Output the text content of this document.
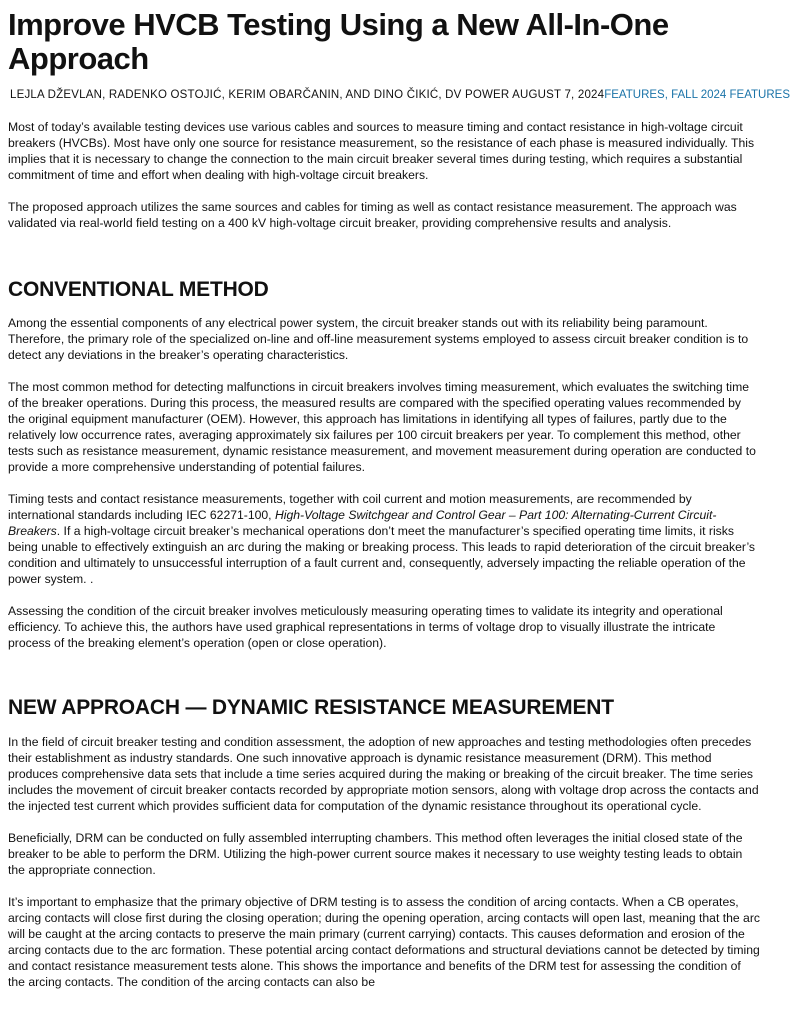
Improve HVCB Testing Using a New All-In-One Approach
LEJLA DŽEVLAN, RADENKO OSTOJIĆ, KERIM OBARČANIN, AND DINO ČIKIĆ, DV POWER AUGUST 7, 2024FEATURES, FALL 2024 FEATURES

Most of today’s available testing devices use various cables and sources to measure timing and contact resistance in high-voltage circuit breakers (HVCBs). Most have only one source for resistance measurement, so the resistance of each phase is measured individually. This implies that it is necessary to change the connection to the main circuit breaker several times during testing, which requires a substantial commitment of time and effort when dealing with high-voltage circuit breakers.

The proposed approach utilizes the same sources and cables for timing as well as contact resistance measurement. The approach was validated via real-world field testing on a 400 kV high-voltage circuit breaker, providing comprehensive results and analysis.

CONVENTIONAL METHOD

Among the essential components of any electrical power system, the circuit breaker stands out with its reliability being paramount. Therefore, the primary role of the specialized on-line and off-line measurement systems employed to assess circuit breaker condition is to detect any deviations in the breaker’s operating characteristics.

The most common method for detecting malfunctions in circuit breakers involves timing measurement, which evaluates the switching time of the breaker operations. During this process, the measured results are compared with the specified operating values recommended by the original equipment manufacturer (OEM). However, this approach has limitations in identifying all types of failures, partly due to the relatively low occurrence rates, averaging approximately six failures per 100 circuit breakers per year. To complement this method, other tests such as resistance measurement, dynamic resistance measurement, and movement measurement during operation are conducted to provide a more comprehensive understanding of potential failures.

Timing tests and contact resistance measurements, together with coil current and motion measurements, are recommended by international standards including IEC 62271-100, High-Voltage Switchgear and Control Gear – Part 100: Alternating-Current Circuit-Breakers. If a high-voltage circuit breaker’s mechanical operations don’t meet the manufacturer’s specified operating time limits, it risks being unable to effectively extinguish an arc during the making or breaking process. This leads to rapid deterioration of the circuit breaker’s condition and ultimately to unsuccessful interruption of a fault current and, consequently, adversely impacting the reliable operation of the power system. .

Assessing the condition of the circuit breaker involves meticulously measuring operating times to validate its integrity and operational efficiency. To achieve this, the authors have used graphical representations in terms of voltage drop to visually illustrate the intricate process of the breaking element’s operation (open or close operation).

NEW APPROACH — DYNAMIC RESISTANCE MEASUREMENT

In the field of circuit breaker testing and condition assessment, the adoption of new approaches and testing methodologies often precedes their establishment as industry standards. One such innovative approach is dynamic resistance measurement (DRM). This method produces comprehensive data sets that include a time series acquired during the making or breaking of the circuit breaker. The time series includes the movement of circuit breaker contacts recorded by appropriate motion sensors, along with voltage drop across the contacts and the injected test current which provides sufficient data for computation of the dynamic resistance throughout its operational cycle.

Beneficially, DRM can be conducted on fully assembled interrupting chambers. This method often leverages the initial closed state of the breaker to be able to perform the DRM. Utilizing the high-power current source makes it necessary to use weighty testing leads to obtain the appropriate connection.

It’s important to emphasize that the primary objective of DRM testing is to assess the condition of arcing contacts. When a CB operates, arcing contacts will close first during the closing operation; during the opening operation, arcing contacts will open last, meaning that the arc will be caught at the arcing contacts to preserve the main primary (current carrying) contacts. This causes deformation and erosion of the arcing contacts due to the arc formation. These potential arcing contact deformations and structural deviations cannot be detected by timing and contact resistance measurement tests alone. This shows the importance and benefits of the DRM test for assessing the condition of the arcing contacts. The condition of the arcing contacts can also be
